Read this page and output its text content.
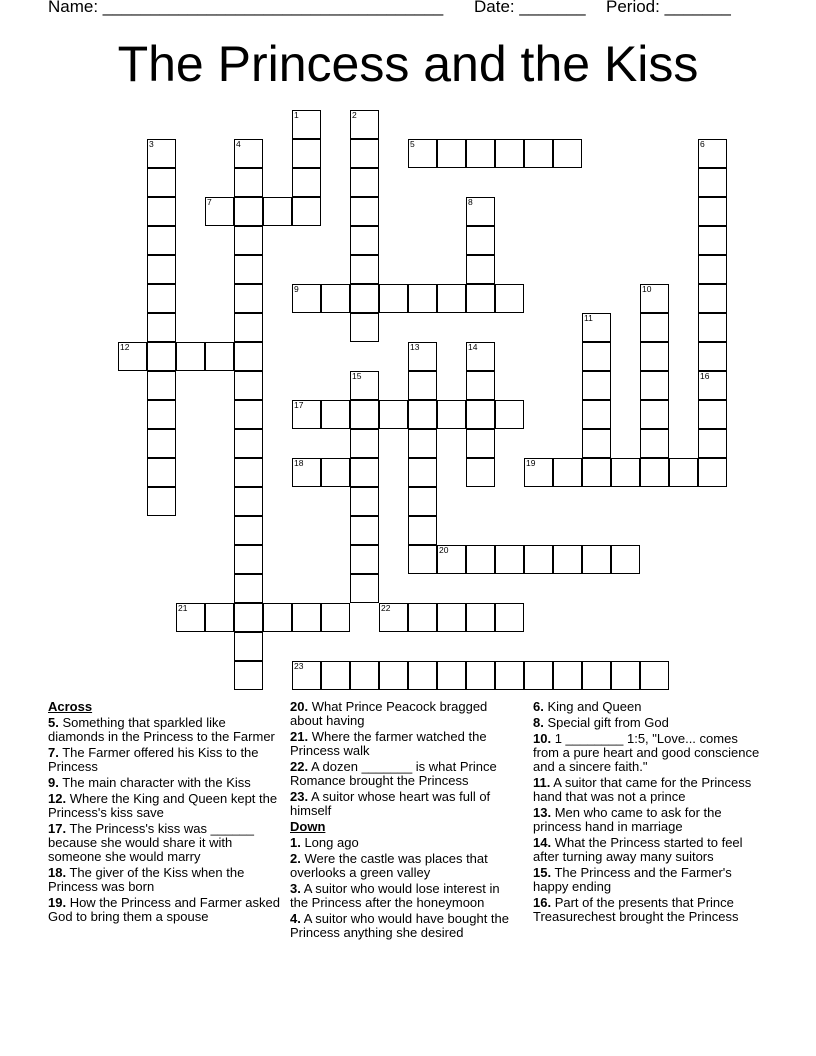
Name: ____________________________________ Date: _______ Period: _______
The Princess and the Kiss
1	2
3	4	5	6
7	8
9	10
11
12	13	14
15	16
17
18	19
20
21	22
23
Across
5. Something that sparkled like diamonds in the Princess to the Farmer
7. The Farmer offered his Kiss to the Princess
9. The main character with the Kiss
12. Where the King and Queen kept the Princess's kiss save
17. The Princess's kiss was ______ because she would share it with someone she would marry
18. The giver of the Kiss when the Princess was born
19. How the Princess and Farmer asked God to bring them a spouse
20. What Prince Peacock bragged about having
21. Where the farmer watched the Princess walk
22. A dozen _______ is what Prince Romance brought the Princess
23. A suitor whose heart was full of himself
Down
1. Long ago
2. Were the castle was places that overlooks a green valley
3. A suitor who would lose interest in the Princess after the honeymoon
4. A suitor who would have bought the Princess anything she desired
6. King and Queen
8. Special gift from God
10. 1 ________ 1:5, "Love... comes from a pure heart and good conscience and a sincere faith."
11. A suitor that came for the Princess hand that was not a prince
13. Men who came to ask for the princess hand in marriage
14. What the Princess started to feel after turning away many suitors
15. The Princess and the Farmer's happy ending
16. Part of the presents that Prince Treasurechest brought the Princess
